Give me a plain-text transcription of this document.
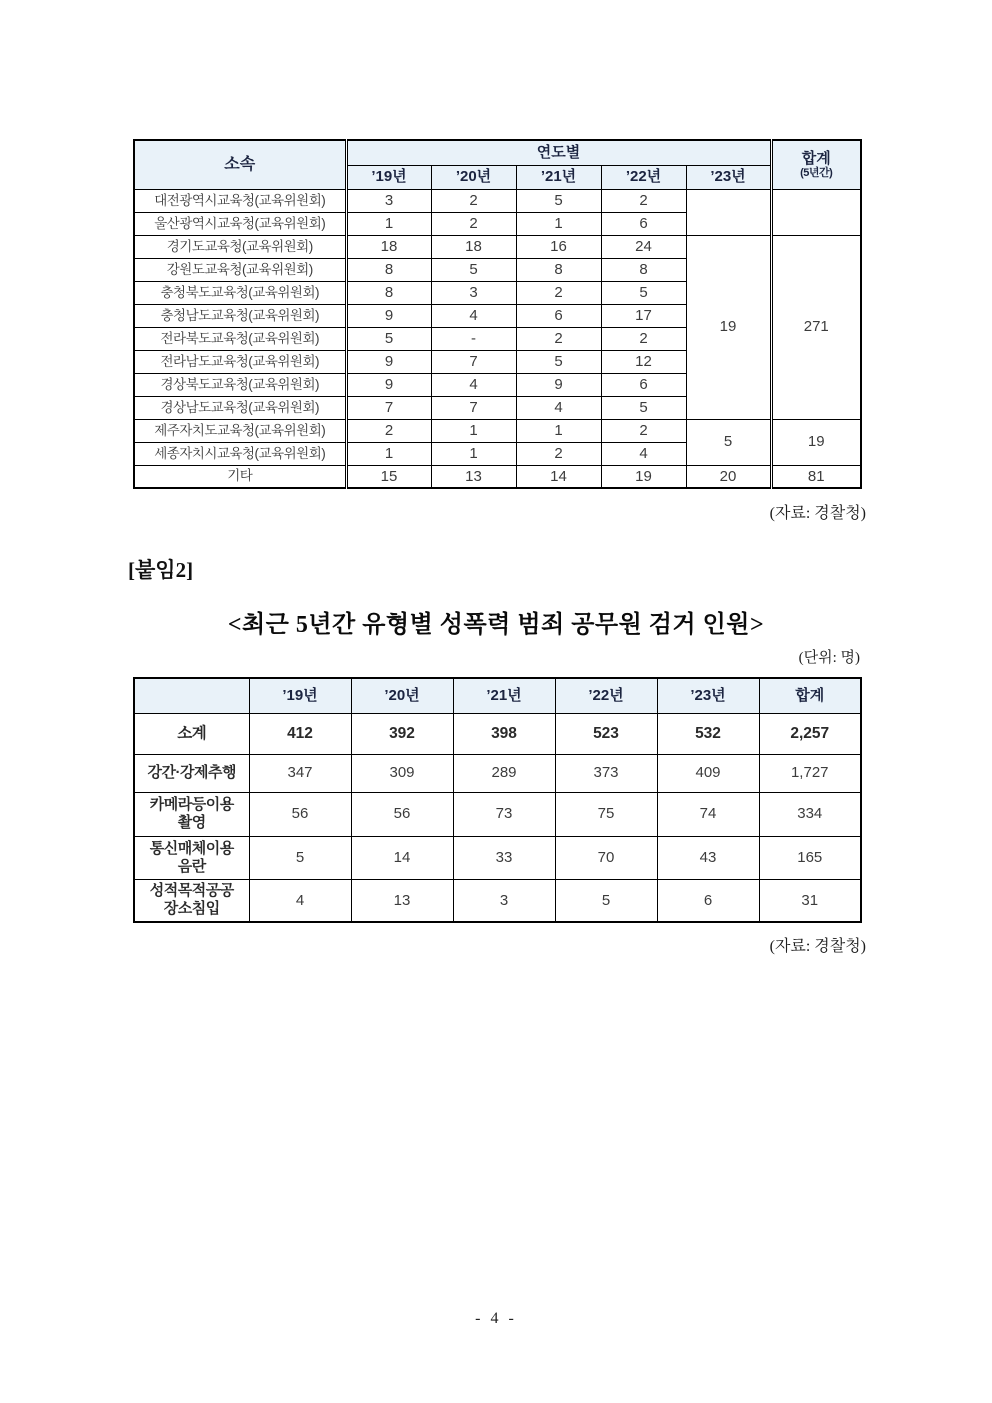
소속	연도별					합계
(5년간)

	’19년	’20년	’21년	’22년	’23년	
대전광역시교육청(교육위원회)	3	2	5	2		
울산광역시교육청(교육위원회)	1	2	1	6		
경기도교육청(교육위원회)	18	18	16	24	19	271
강원도교육청(교육위원회)	8	5	8	8		
충청북도교육청(교육위원회)	8	3	2	5		
충청남도교육청(교육위원회)	9	4	6	17		
전라북도교육청(교육위원회)	5	-	2	2		
전라남도교육청(교육위원회)	9	7	5	12		
경상북도교육청(교육위원회)	9	4	9	6		
경상남도교육청(교육위원회)	7	7	4	5		
제주자치도교육청(교육위원회)	2	1	1	2	5	19
세종자치시교육청(교육위원회)	1	1	2	4		
기타	15	13	14	19	20	81
(자료: 경찰청)
[붙임2]
<최근 5년간 유형별 성폭력 범죄 공무원 검거 인원>
(단위: 명)
	’19년	’20년	’21년	’22년	’23년	합계
소계	412	392	398	523	532	2,257
강간·강제추행	347	309	289	373	409	1,727

카메라등이용
촬영	56	56	73	75	74	334

통신매체이용
음란	5	14	33	70	43	165

성적목적공공
장소침입	4	13	3	5	6	31
(자료: 경찰청)
- 4 -
